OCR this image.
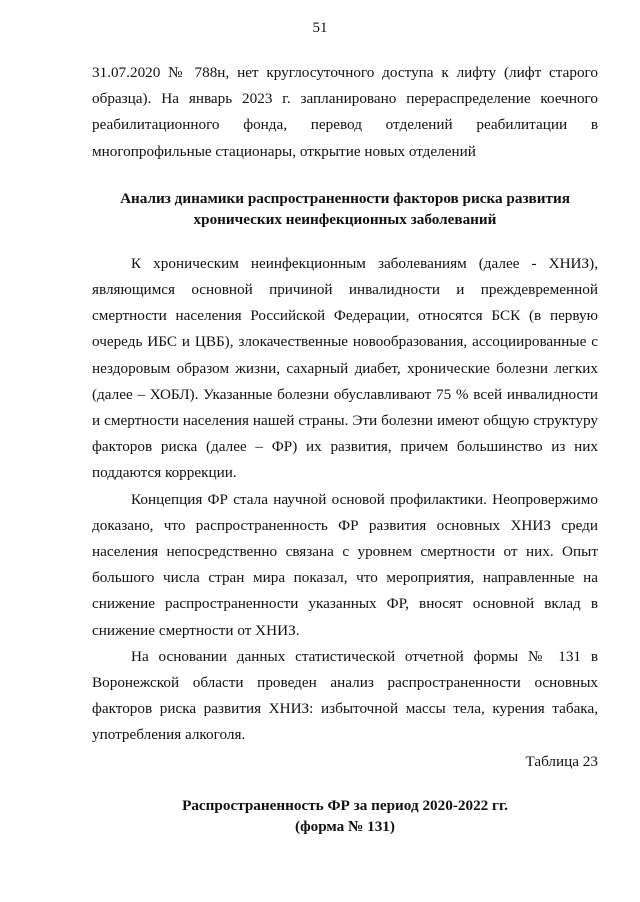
51

31.07.2020 № 788н, нет круглосуточного доступа к лифту (лифт старого образца). На январь 2023 г. запланировано перераспределение коечного реабилитационного фонда, перевод отделений реабилитации в многопрофильные стационары, открытие новых отделений

Анализ динамики распространенности факторов риска развития
хронических неинфекционных заболеваний

К хроническим неинфекционным заболеваниям (далее - ХНИЗ), являющимся основной причиной инвалидности и преждевременной смертности населения Российской Федерации, относятся БСК (в первую очередь ИБС и ЦВБ), злокачественные новообразования, ассоциированные с нездоровым образом жизни, сахарный диабет, хронические болезни легких (далее – ХОБЛ). Указанные болезни обуславливают 75 % всей инвалидности и смертности населения нашей страны. Эти болезни имеют общую структуру факторов риска (далее – ФР) их развития, причем большинство из них поддаются коррекции.

Концепция ФР стала научной основой профилактики. Неопровержимо доказано, что распространенность ФР развития основных ХНИЗ среди населения непосредственно связана с уровнем смертности от них. Опыт большого числа стран мира показал, что мероприятия, направленные на снижение распространенности указанных ФР, вносят основной вклад в снижение смертности от ХНИЗ.

На основании данных статистической отчетной формы № 131 в Воронежской области проведен анализ распространенности основных факторов риска развития ХНИЗ: избыточной массы тела, курения табака, употребления алкоголя.

Таблица 23

Распространенность ФР за период 2020-2022 гг.
(форма № 131)
